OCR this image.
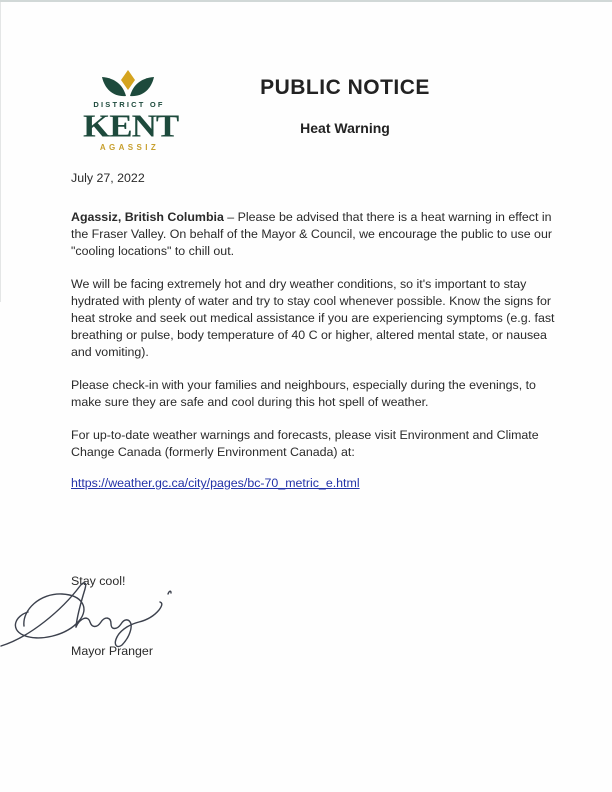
DISTRICT OF
KENT
AGASSIZ
PUBLIC NOTICE
Heat Warning

July 27, 2022

Agassiz, British Columbia – Please be advised that there is a heat warning in effect in the Fraser Valley. On behalf of the Mayor & Council, we encourage the public to use our "cooling locations" to chill out.

We will be facing extremely hot and dry weather conditions, so it's important to stay hydrated with plenty of water and try to stay cool whenever possible. Know the signs for heat stroke and seek out medical assistance if you are experiencing symptoms (e.g. fast breathing or pulse, body temperature of 40 C or higher, altered mental state, or nausea and vomiting).

Please check-in with your families and neighbours, especially during the evenings, to make sure they are safe and cool during this hot spell of weather.

For up-to-date weather warnings and forecasts, please visit Environment and Climate Change Canada (formerly Environment Canada) at:

https://weather.gc.ca/city/pages/bc-70_metric_e.html

Stay cool!
Mayor Pranger
